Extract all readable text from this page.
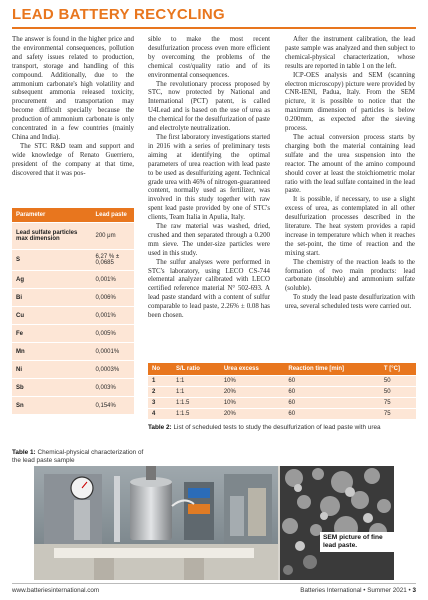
LEAD BATTERY RECYCLING

The answer is found in the higher price and the environmental consequences, pollution and safety issues related to production, transport, storage and handling of this compound. Additionally, due to the ammonium carbonate's high volatility and subsequent ammonia released toxicity, procurement and transportation may become difficult specially because the production of ammonium carbonate is only concentrated in a few countries (mainly China and India).

The STC R&D team and support and wide knowledge of Renato Guerriero, president of the company at that time, discovered that it was pos-

sible to make the most recent desulfurization process even more efficient by overcoming the problems of the chemical cost/quality ratio and of its environmental consequences.

The revolutionary process proposed by STC, now protected by National and International (PCT) patent, is called U4Lead and is based on the use of urea as the chemical for the desulfurization of paste and electrolyte neutralization.

The first laboratory investigations started in 2016 with a series of preliminary tests aiming at identifying the optimal parameters of urea reaction with lead paste to be used as desulfurizing agent. Technical grade urea with 46% of nitrogen-guaranteed content, normally used as fertilizer, was involved in this study together with raw spent lead paste provided by one of STC's clients, Team Italia in Apulia, Italy.

The raw material was washed, dried, crushed and then separated through a 0.200 mm sieve. The under-size particles were used in this study.

The sulfur analyses were performed in STC's laboratory, using LECO CS-744 elemental analyzer calibrated with LECO certified reference material N° 502-693. A lead paste standard with a content of sulfur comparable to lead paste, 2.26% ± 0.08 has been chosen.

After the instrument calibration, the lead paste sample was analyzed and then subject to chemical-physical characterization, whose results are reported in table 1 on the left.

ICP-OES analysis and SEM (scanning electron microscopy) picture were provided by CNR-IENI, Padua, Italy. From the SEM picture, it is possible to notice that the maximum dimension of particles is below 0.200mm, as expected after the sieving process.

The actual conversion process starts by charging both the material containing lead sulfate and the urea suspension into the reactor. The amount of the amino compound should cover at least the stoichiometric molar ratio with the lead sulfate contained in the lead paste.

It is possible, if necessary, to use a slight excess of urea, as contemplated in all other desulfurization processes described in the literature. The heat system provides a rapid increase in temperature which when it reaches the set-point, the time of reaction and the mixing start.

The chemistry of the reaction leads to the formation of two main products: lead carbonate (insoluble) and ammonium sulfate (soluble).

To study the lead paste desulfurization with urea, several scheduled tests were carried out.

Parameter	Lead paste
Lead sulfate particles max dimension	200 μm
S	6,27 % ± 0,0685
Ag	0,001%
Bi	0,006%
Cu	0,001%
Fe	0,005%
Mn	0,0001%
Ni	0,0003%
Sb	0,003%
Sn	0,154%
Table 1: Chemical-physical characterization of the lead paste sample
No	S/L ratio	Urea excess	Reaction time [min]	T [°C]
1	1:1	10%	60	50
2	1:1	20%	60	50
3	1:1.5	10%	60	75
4	1:1.5	20%	60	75
Table 2: List of scheduled tests to study the desulfurization of lead paste with urea
SEM picture of fine lead paste.
www.batteriesinternational.com	Batteries International • Summer 2021 • 3
